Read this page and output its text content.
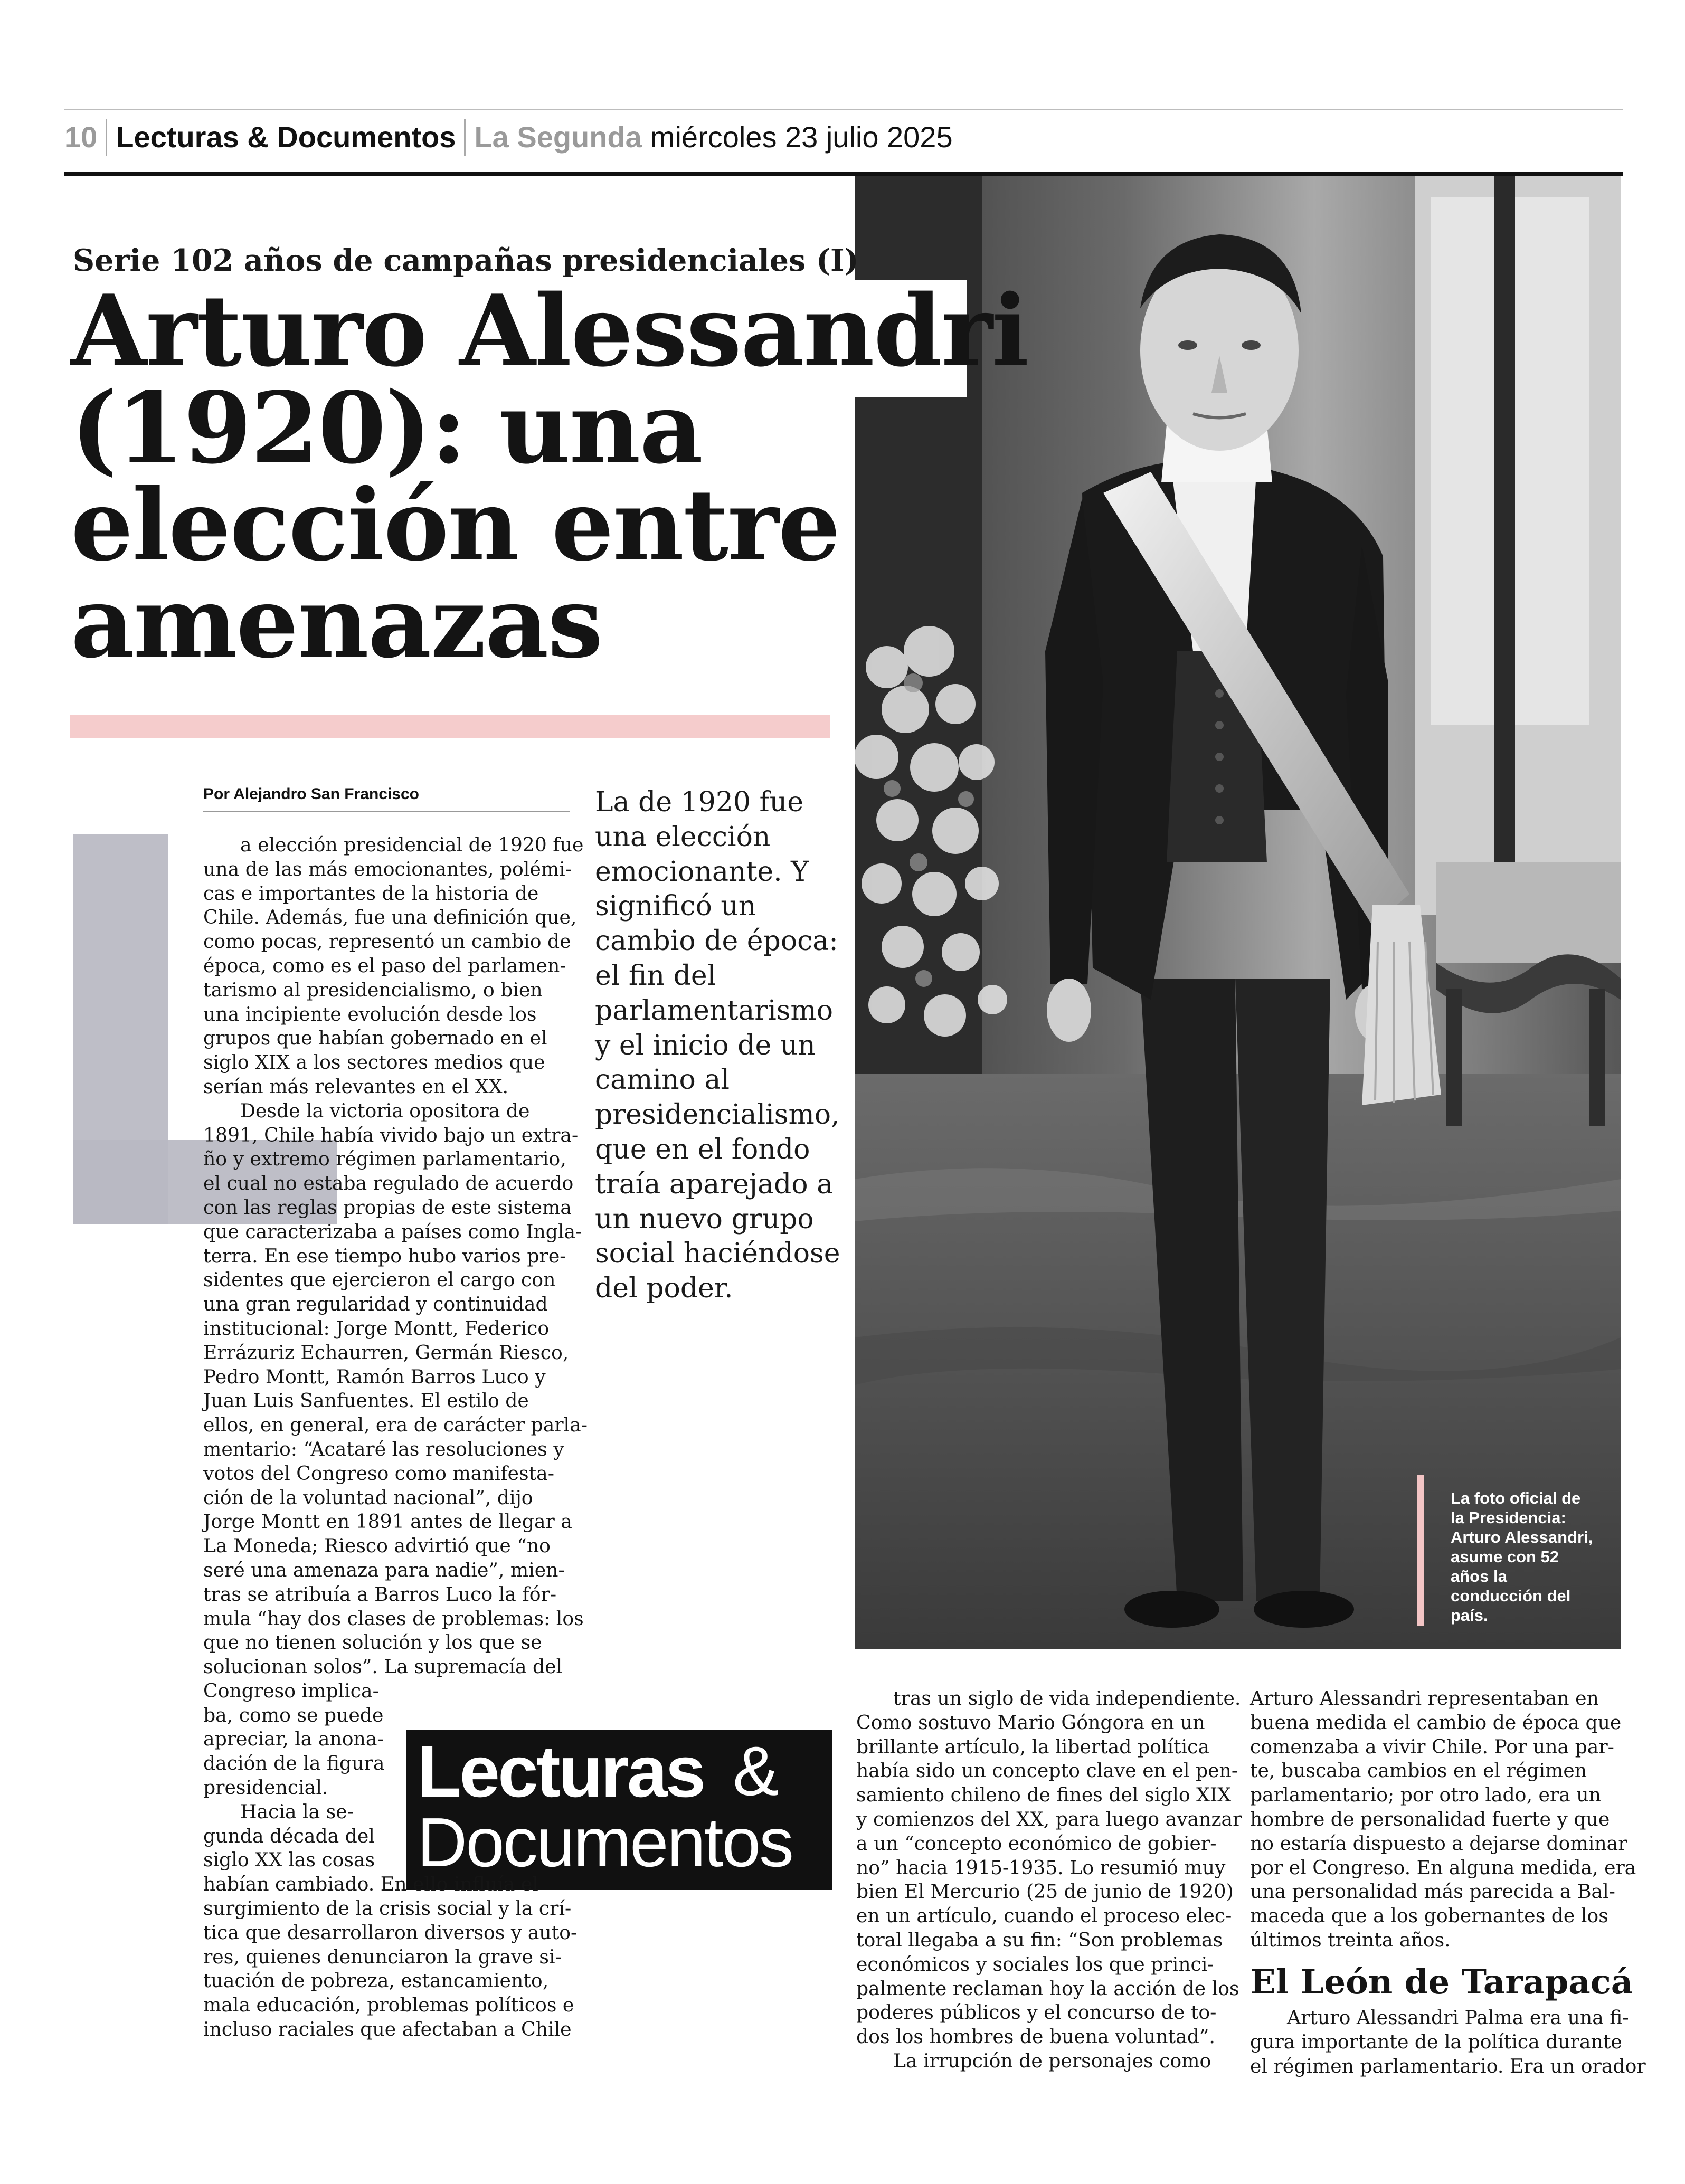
10 Lecturas & Documentos La Segunda miércoles 23 julio 2025
La foto oficial de
la Presidencia:
Arturo Alessandri,
asume con 52
años la
conducción del
país.
Serie 102 años de campañas presidenciales (I)
Arturo Alessandri
(1920): una
elección entre
amenazas
Por Alejandro San Francisco

a elección presidencial de 1920 fue
una de las más emocionantes, polémi-
cas e importantes de la historia de
Chile. Además, fue una definición que,
como pocas, representó un cambio de
época, como es el paso del parlamen-
tarismo al presidencialismo, o bien
una incipiente evolución desde los
grupos que habían gobernado en el
siglo XIX a los sectores medios que
serían más relevantes en el XX.

Desde la victoria opositora de
1891, Chile había vivido bajo un extra-
ño y extremo régimen parlamentario,
el cual no estaba regulado de acuerdo
con las reglas propias de este sistema
que caracterizaba a países como Ingla-
terra. En ese tiempo hubo varios pre-
sidentes que ejercieron el cargo con
una gran regularidad y continuidad
institucional: Jorge Montt, Federico
Errázuriz Echaurren, Germán Riesco,
Pedro Montt, Ramón Barros Luco y
Juan Luis Sanfuentes. El estilo de
ellos, en general, era de carácter parla-
mentario: “Acataré las resoluciones y
votos del Congreso como manifesta-
ción de la voluntad nacional”, dijo
Jorge Montt en 1891 antes de llegar a
La Moneda; Riesco advirtió que “no
seré una amenaza para nadie”, mien-
tras se atribuía a Barros Luco la fór-
mula “hay dos clases de problemas: los
que no tienen solución y los que se
solucionan solos”. La supremacía del
Congreso implica-
ba, como se puede
apreciar, la anona-
dación de la figura
presidencial.

Hacia la se-
gunda década del
siglo XX las cosas
habían cambiado. En ello influía el
surgimiento de la crisis social y la crí-
tica que desarrollaron diversos y auto-
res, quienes denunciaron la grave si-
tuación de pobreza, estancamiento,
mala educación, problemas políticos e
incluso raciales que afectaban a Chile

La de 1920 fue
una elección
emocionante. Y
significó un
cambio de época:
el fin del
parlamentarismo
y el inicio de un
camino al
presidencialismo,
que en el fondo
traía aparejado a
un nuevo grupo
social haciéndose
del poder.
Lecturas &
Documentos

tras un siglo de vida independiente.
Como sostuvo Mario Góngora en un
brillante artículo, la libertad política
había sido un concepto clave en el pen-
samiento chileno de fines del siglo XIX
y comienzos del XX, para luego avanzar
a un “concepto económico de gobier-
no” hacia 1915-1935. Lo resumió muy
bien El Mercurio (25 de junio de 1920)
en un artículo, cuando el proceso elec-
toral llegaba a su fin: “Son problemas
económicos y sociales los que princi-
palmente reclaman hoy la acción de los
poderes públicos y el concurso de to-
dos los hombres de buena voluntad”.

La irrupción de personajes como

Arturo Alessandri representaban en
buena medida el cambio de época que
comenzaba a vivir Chile. Por una par-
te, buscaba cambios en el régimen
parlamentario; por otro lado, era un
hombre de personalidad fuerte y que
no estaría dispuesto a dejarse dominar
por el Congreso. En alguna medida, era
una personalidad más parecida a Bal-
maceda que a los gobernantes de los
últimos treinta años.
El León de Tarapacá
Arturo Alessandri Palma era una fi-
gura importante de la política durante
el régimen parlamentario. Era un orador
